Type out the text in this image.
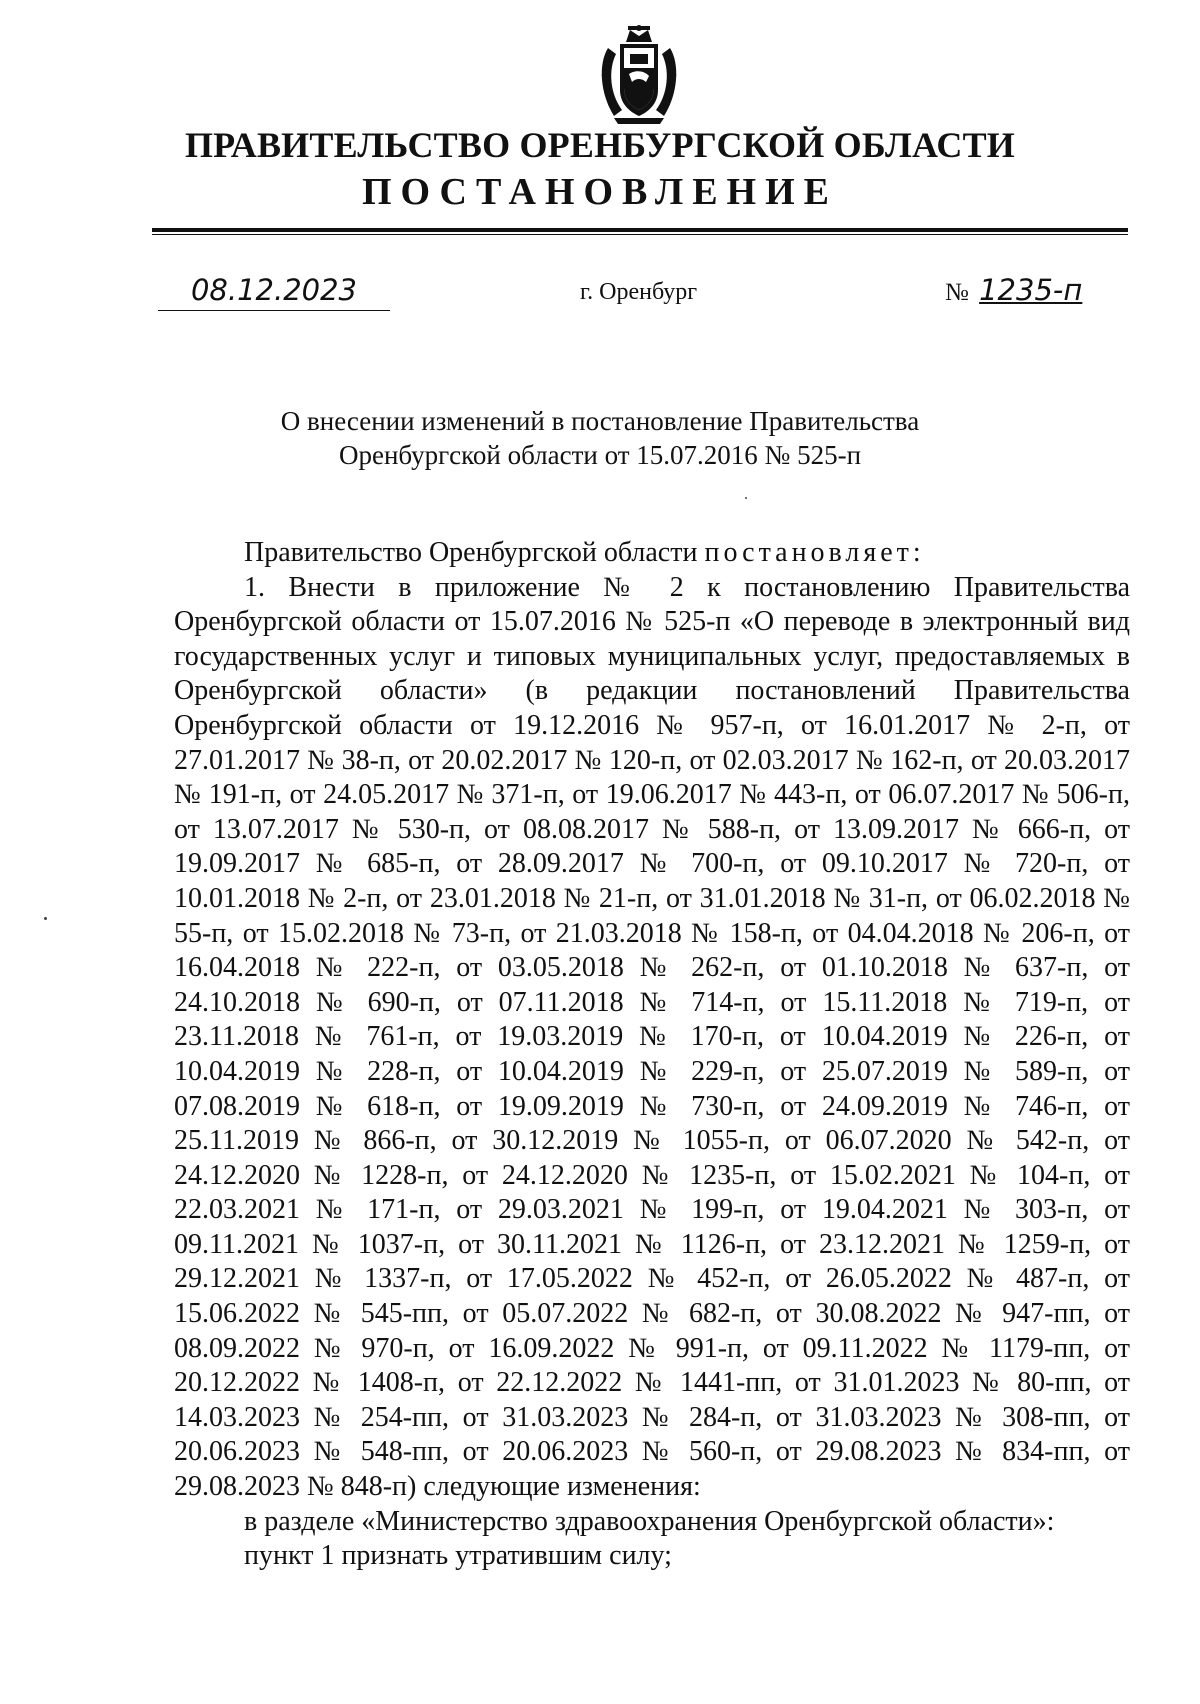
ПРАВИТЕЛЬСТВО ОРЕНБУРГСКОЙ ОБЛАСТИ
ПОСТАНОВЛЕНИЕ
08.12.2023	г. Оренбург	№ 1235-п
О внесении изменений в постановление Правительства
Оренбургской области от 15.07.2016 № 525-п

Правительство Оренбургской области постановляет:

1. Внести в приложение № 2 к постановлению Правительства Оренбургской области от 15.07.2016 № 525-п «О переводе в электронный вид государственных услуг и типовых муниципальных услуг, предоставляемых в Оренбургской области» (в редакции постановлений Правительства Оренбургской области от 19.12.2016 № 957-п, от 16.01.2017 № 2-п, от 27.01.2017 № 38-п, от 20.02.2017 № 120-п, от 02.03.2017 № 162-п, от 20.03.2017 № 191-п, от 24.05.2017 № 371-п, от 19.06.2017 № 443-п, от 06.07.2017 № 506-п, от 13.07.2017 № 530-п, от 08.08.2017 № 588-п, от 13.09.2017 № 666-п, от 19.09.2017 № 685-п, от 28.09.2017 № 700-п, от 09.10.2017 № 720-п, от 10.01.2018 № 2-п, от 23.01.2018 № 21-п, от 31.01.2018 № 31-п, от 06.02.2018 № 55-п, от 15.02.2018 № 73-п, от 21.03.2018 № 158-п, от 04.04.2018 № 206-п, от 16.04.2018 № 222-п, от 03.05.2018 № 262-п, от 01.10.2018 № 637-п, от 24.10.2018 № 690-п, от 07.11.2018 № 714-п, от 15.11.2018 № 719-п, от 23.11.2018 № 761-п, от 19.03.2019 № 170-п, от 10.04.2019 № 226-п, от 10.04.2019 № 228-п, от 10.04.2019 № 229-п, от 25.07.2019 № 589-п, от 07.08.2019 № 618-п, от 19.09.2019 № 730-п, от 24.09.2019 № 746-п, от 25.11.2019 № 866-п, от 30.12.2019 № 1055-п, от 06.07.2020 № 542-п, от 24.12.2020 № 1228-п, от 24.12.2020 № 1235-п, от 15.02.2021 № 104-п, от 22.03.2021 № 171-п, от 29.03.2021 № 199-п, от 19.04.2021 № 303-п, от 09.11.2021 № 1037-п, от 30.11.2021 № 1126-п, от 23.12.2021 № 1259-п, от 29.12.2021 № 1337-п, от 17.05.2022 № 452-п, от 26.05.2022 № 487-п, от 15.06.2022 № 545-пп, от 05.07.2022 № 682-п, от 30.08.2022 № 947-пп, от 08.09.2022 № 970-п, от 16.09.2022 № 991-п, от 09.11.2022 № 1179-пп, от 20.12.2022 № 1408-п, от 22.12.2022 № 1441-пп, от 31.01.2023 № 80-пп, от 14.03.2023 № 254-пп, от 31.03.2023 № 284-п, от 31.03.2023 № 308-пп, от 20.06.2023 № 548-пп, от 20.06.2023 № 560-п, от 29.08.2023 № 834-пп, от 29.08.2023 № 848-п) следующие изменения:

в разделе «Министерство здравоохранения Оренбургской области»:

пункт 1 признать утратившим силу;
